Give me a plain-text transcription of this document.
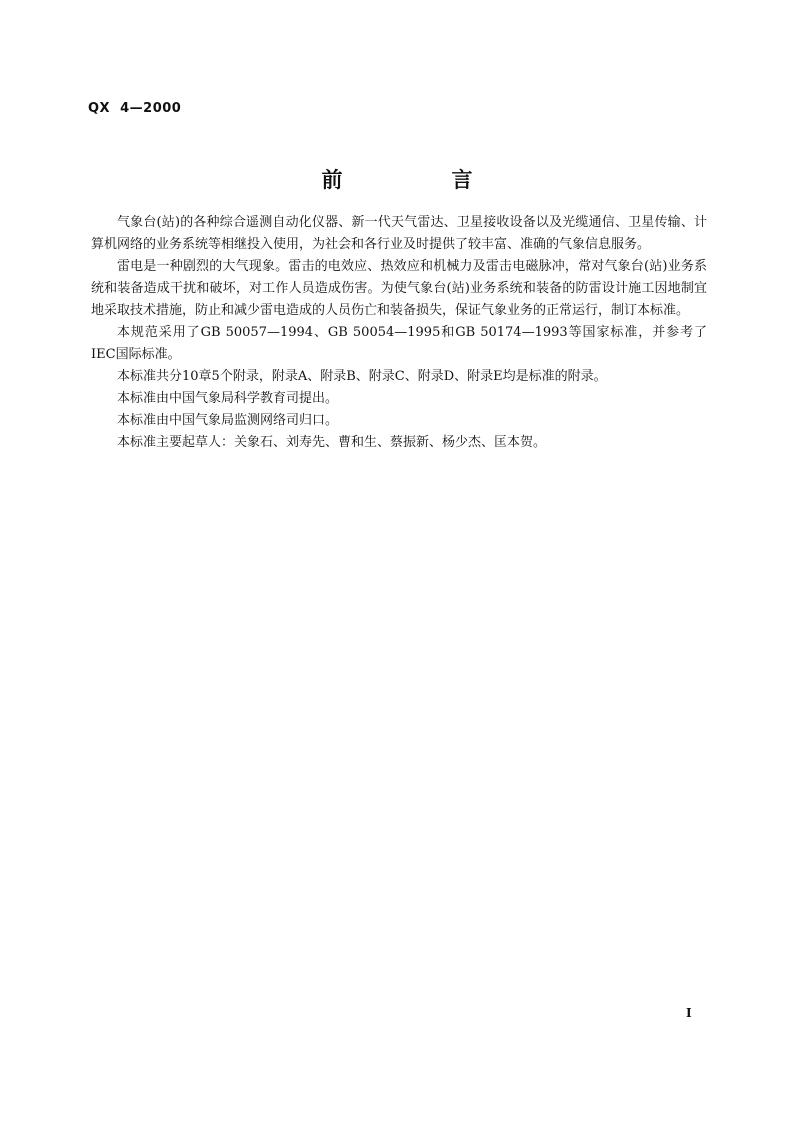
QX  4—2000
前　言

气象台(站)的各种综合遥测自动化仪器、新一代天气雷达、卫星接收设备以及光缆通信、卫星传输、计算机网络的业务系统等相继投入使用，为社会和各行业及时提供了较丰富、准确的气象信息服务。

雷电是一种剧烈的大气现象。雷击的电效应、热效应和机械力及雷击电磁脉冲，常对气象台(站)业务系统和装备造成干扰和破坏，对工作人员造成伤害。为使气象台(站)业务系统和装备的防雷设计施工因地制宜地采取技术措施，防止和减少雷电造成的人员伤亡和装备损失，保证气象业务的正常运行，制订本标准。

本规范采用了GB 50057—1994、GB 50054—1995和GB 50174—1993等国家标准，并参考了IEC国际标准。

本标准共分10章5个附录，附录A、附录B、附录C、附录D、附录E均是标准的附录。

本标准由中国气象局科学教育司提出。

本标准由中国气象局监测网络司归口。

本标准主要起草人：关象石、刘寿先、曹和生、蔡振新、杨少杰、匡本贺。

I
